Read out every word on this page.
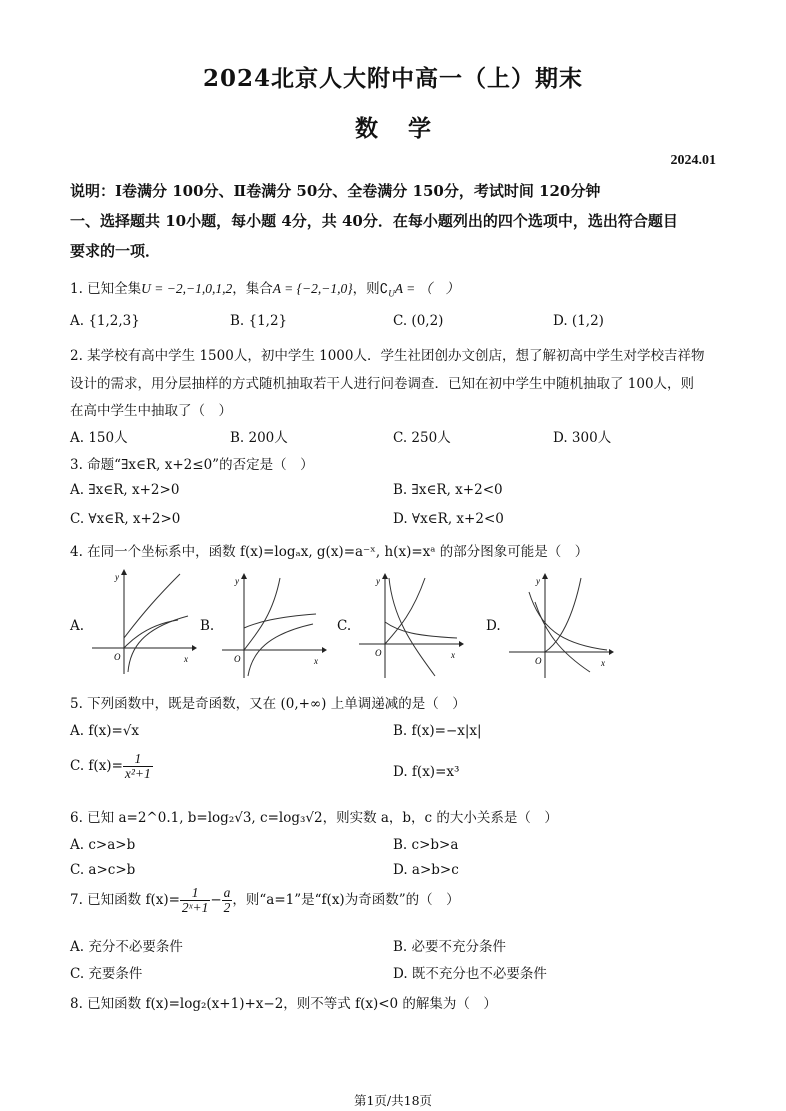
2024北京人大附中高一（上）期末
数学
2024.01
说明：Ⅰ卷满分 100分、Ⅱ卷满分 50分、全卷满分 150分，考试时间 120分钟
一、选择题共 10小题，每小题 4分，共 40分．在每小题列出的四个选项中，选出符合题目
要求的一项．
1. 已知全集U = −2,−1,0,1,2，集合A = {−2,−1,0}，则$∁_UA$ = （　）
A. {1,2,3}	B. {1,2}	C. (0,2)	D. (1,2)
2. 某学校有高中学生 1500人，初中学生 1000人．学生社团创办文创店，想了解初高中学生对学校吉祥物
设计的需求，用分层抽样的方式随机抽取若干人进行问卷调查．已知在初中学生中随机抽取了 100人，则
在高中学生中抽取了（　）
A. 150人	B. 200人	C. 250人	D. 300人
3. 命题“∃x∈R, x+2≤0”的否定是（　）
A. ∃x∈R, x+2>0	B. ∃x∈R, x+2<0
C. ∀x∈R, x+2>0	D. ∀x∈R, x+2<0
4. 在同一个坐标系中，函数 f(x)=logₐx, g(x)=a⁻ˣ, h(x)=xᵃ 的部分图象可能是（　）
A.
O	x
y
B.
O	x
y
C.
O	x
y
D.
O	x
y
5. 下列函数中，既是奇函数，又在 (0,+∞) 上单调递减的是（　）
A. f(x)=√x	B. f(x)=−x|x|
C. $f(x)= \frac{1}{\text{x²+1}}$	D. f(x)=x³
6. 已知 a=2^0.1, b=log₂√3, c=log₃√2，则实数 a，b，c 的大小关系是（　）
A. c>a>b	B. c>b>a
C. a>c>b	D. a>b>c
7. 已知函数 $f(x)= \frac{1}{\text{2ˣ+1}} - \frac{a}{2}$ ，则“a=1”是“f(x)为奇函数”的（　）
A. 充分不必要条件	B. 必要不充分条件
C. 充要条件	D. 既不充分也不必要条件
8. 已知函数 f(x)=log₂(x+1)+x−2，则不等式 f(x)<0 的解集为（　）
第1页/共18页
